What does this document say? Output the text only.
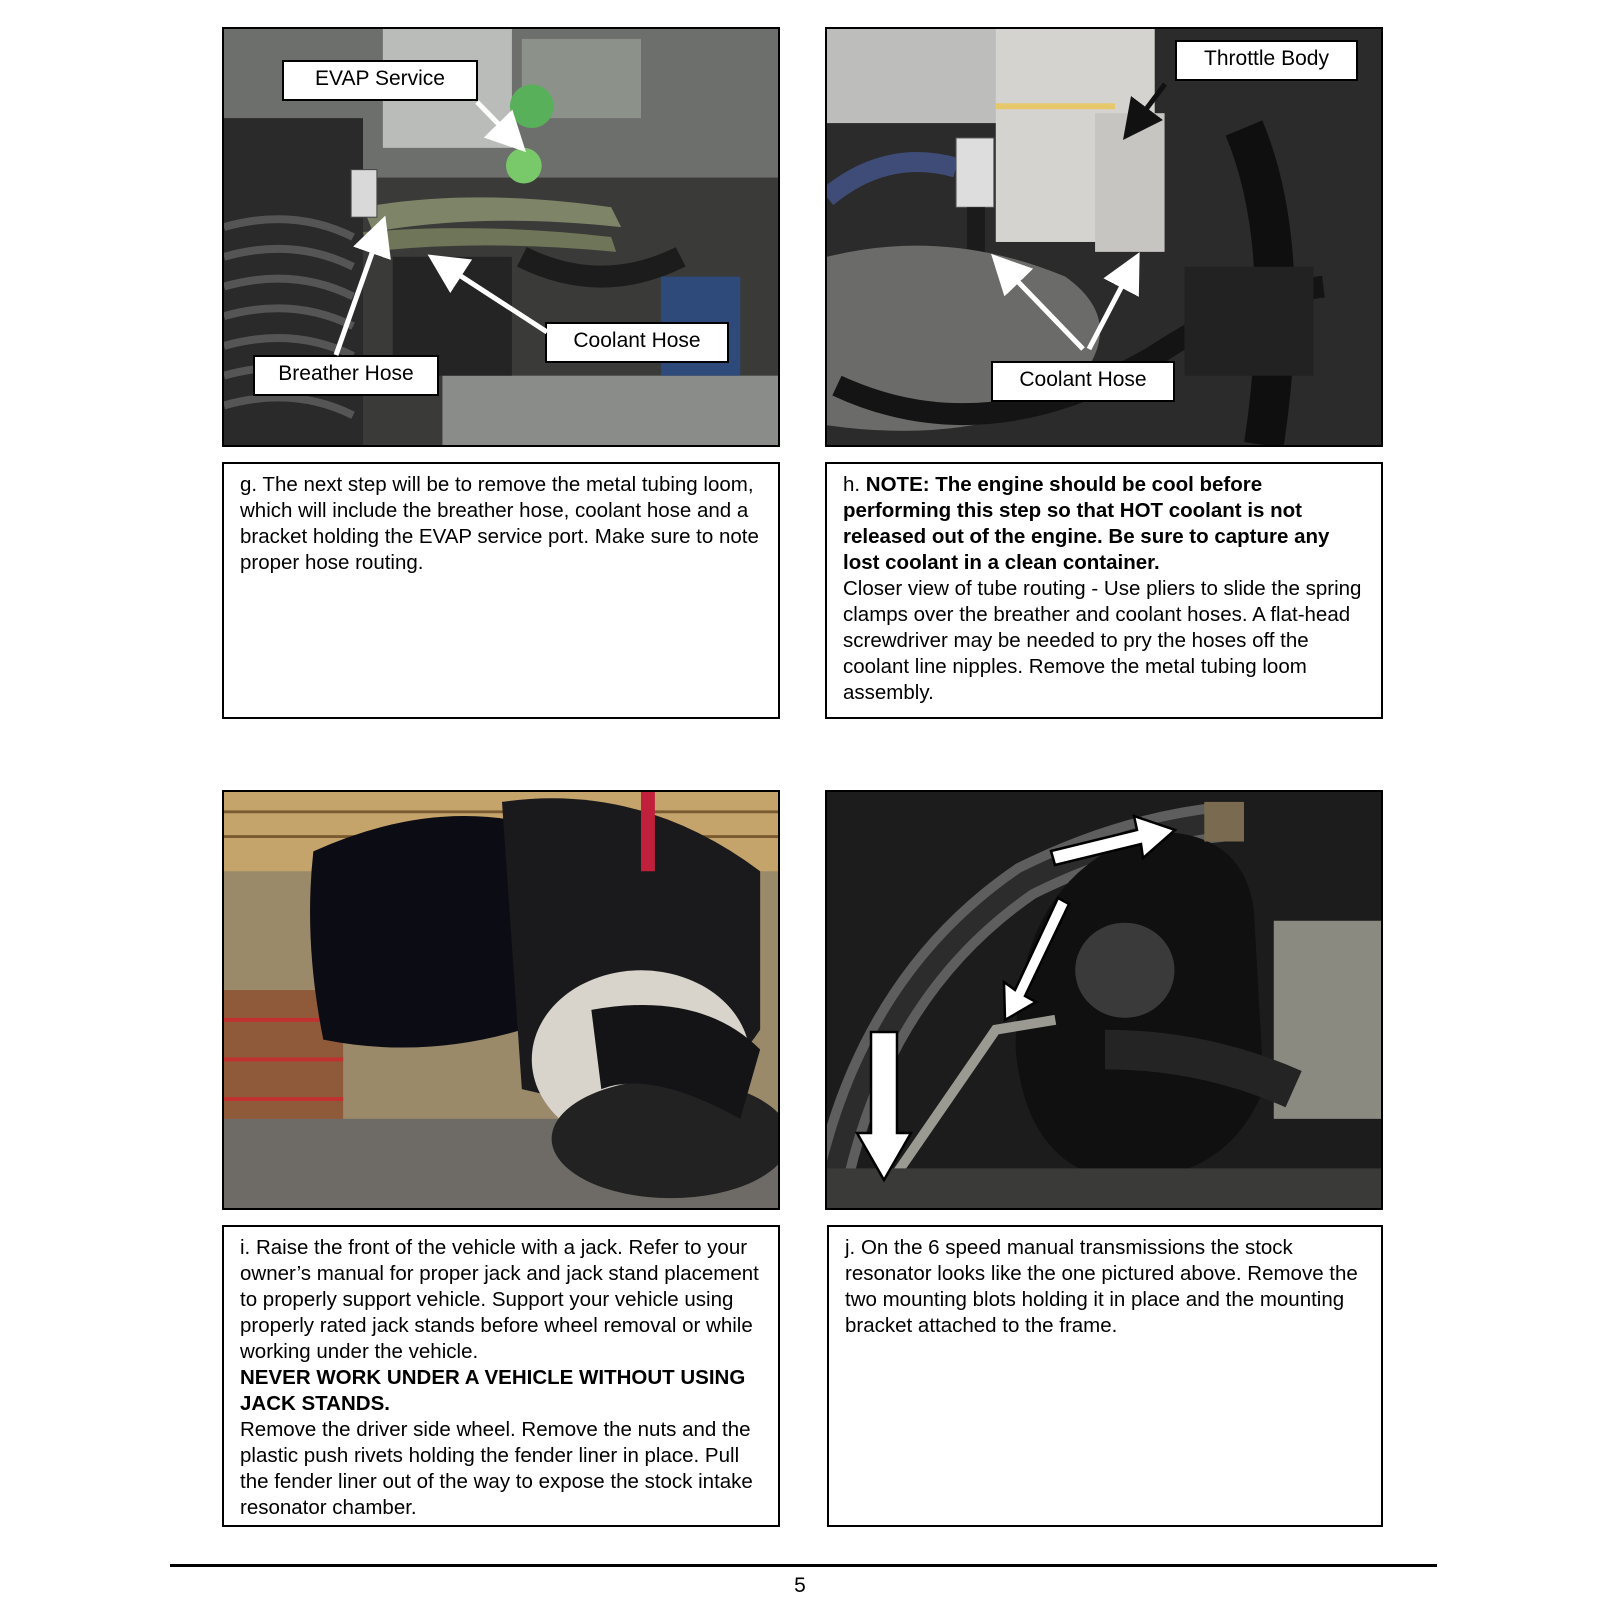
EVAP Service
Coolant Hose
Breather Hose
Throttle Body
Coolant Hose
g. The next step will be to remove the metal tubing loom, which will include the breather hose, coolant hose and a bracket holding the EVAP service port. Make sure to note proper hose routing.
h. NOTE: The engine should be cool before performing this step so that HOT coolant is not released out of the engine. Be sure to capture any lost coolant in a clean container.
Closer view of tube routing - Use pliers to slide the spring clamps over the breather and coolant hoses. A flat-head screwdriver may be needed to pry the hoses off the coolant line nipples. Remove the metal tubing loom assembly.
i. Raise the front of the vehicle with a jack. Refer to your owner’s manual for proper jack and jack stand placement to properly support vehicle. Support your vehicle using properly rated jack stands before wheel removal or while working under the vehicle.
NEVER WORK UNDER A VEHICLE WITHOUT USING JACK STANDS.
Remove the driver side wheel. Remove the nuts and the plastic push rivets holding the fender liner in place. Pull the fender liner out of the way to expose the stock intake resonator chamber.
j. On the 6 speed manual transmissions the stock resonator looks like the one pictured above. Remove the two mounting blots holding it in place and the mounting bracket attached to the frame.
5
